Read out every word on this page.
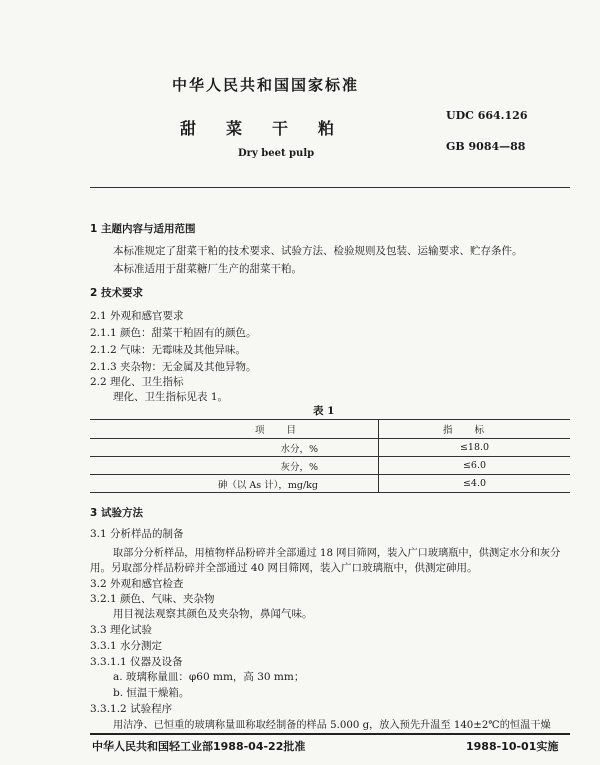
中华人民共和国国家标准
UDC 664.126
甜菜干粕
GB 9084—88
Dry beet pulp
1 主题内容与适用范围
本标准规定了甜菜干粕的技术要求、试验方法、检验规则及包装、运输要求、贮存条件。
本标准适用于甜菜糖厂生产的甜菜干粕。
2 技术要求
2.1 外观和感官要求
2.1.1 颜色：甜菜干粕固有的颜色。
2.1.2 气味：无霉味及其他异味。
2.1.3 夹杂物：无金属及其他异物。
2.2 理化、卫生指标
理化、卫生指标见表 1。
表 1
项目	指标
水分，%	≤18.0
灰分，%	≤6.0
砷（以 As 计），mg/kg	≤4.0
3 试验方法
3.1 分析样品的制备
取部分分析样品，用植物样品粉碎并全部通过 18 网目筛网，装入广口玻璃瓶中，供测定水分和灰分
用。另取部分样品粉碎并全部通过 40 网目筛网，装入广口玻璃瓶中，供测定砷用。
3.2 外观和感官检查
3.2.1 颜色、气味、夹杂物
用目视法观察其颜色及夹杂物，鼻闻气味。
3.3 理化试验
3.3.1 水分测定
3.3.1.1 仪器及设备
a. 玻璃称量皿：φ60 mm，高 30 mm；
b. 恒温干燥箱。
3.3.1.2 试验程序
用洁净、已恒重的玻璃称量皿称取经制备的样品 5.000 g，放入预先升温至 140±2℃的恒温干燥
中华人民共和国轻工业部1988-04-22批准	1988-10-01实施
